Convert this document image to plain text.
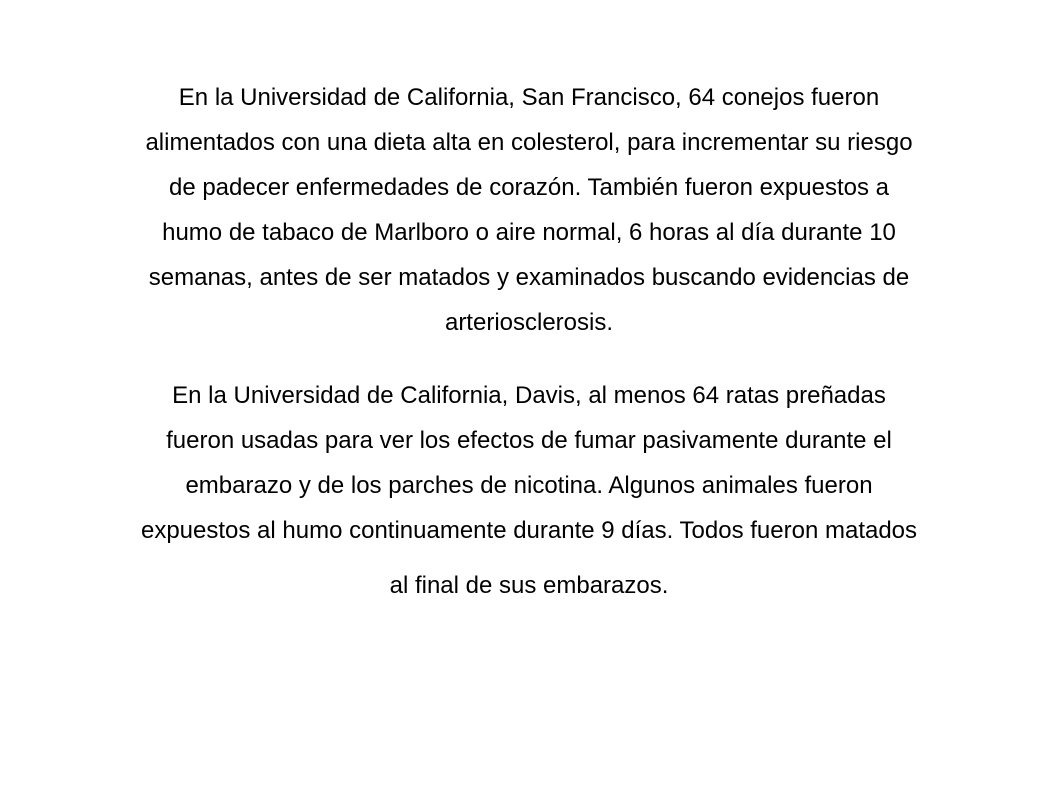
En la Universidad de California, San Francisco, 64 conejos fueron
alimentados con una dieta alta en colesterol, para incrementar su riesgo
de padecer enfermedades de corazón. También fueron expuestos a
humo de tabaco de Marlboro o aire normal, 6 horas al día durante 10
semanas, antes de ser matados y examinados buscando evidencias de
arteriosclerosis.
En la Universidad de California, Davis, al menos 64 ratas preñadas
fueron usadas para ver los efectos de fumar pasivamente durante el
embarazo y de los parches de nicotina. Algunos animales fueron
expuestos al humo continuamente durante 9 días. Todos fueron matados
al final de sus embarazos.
